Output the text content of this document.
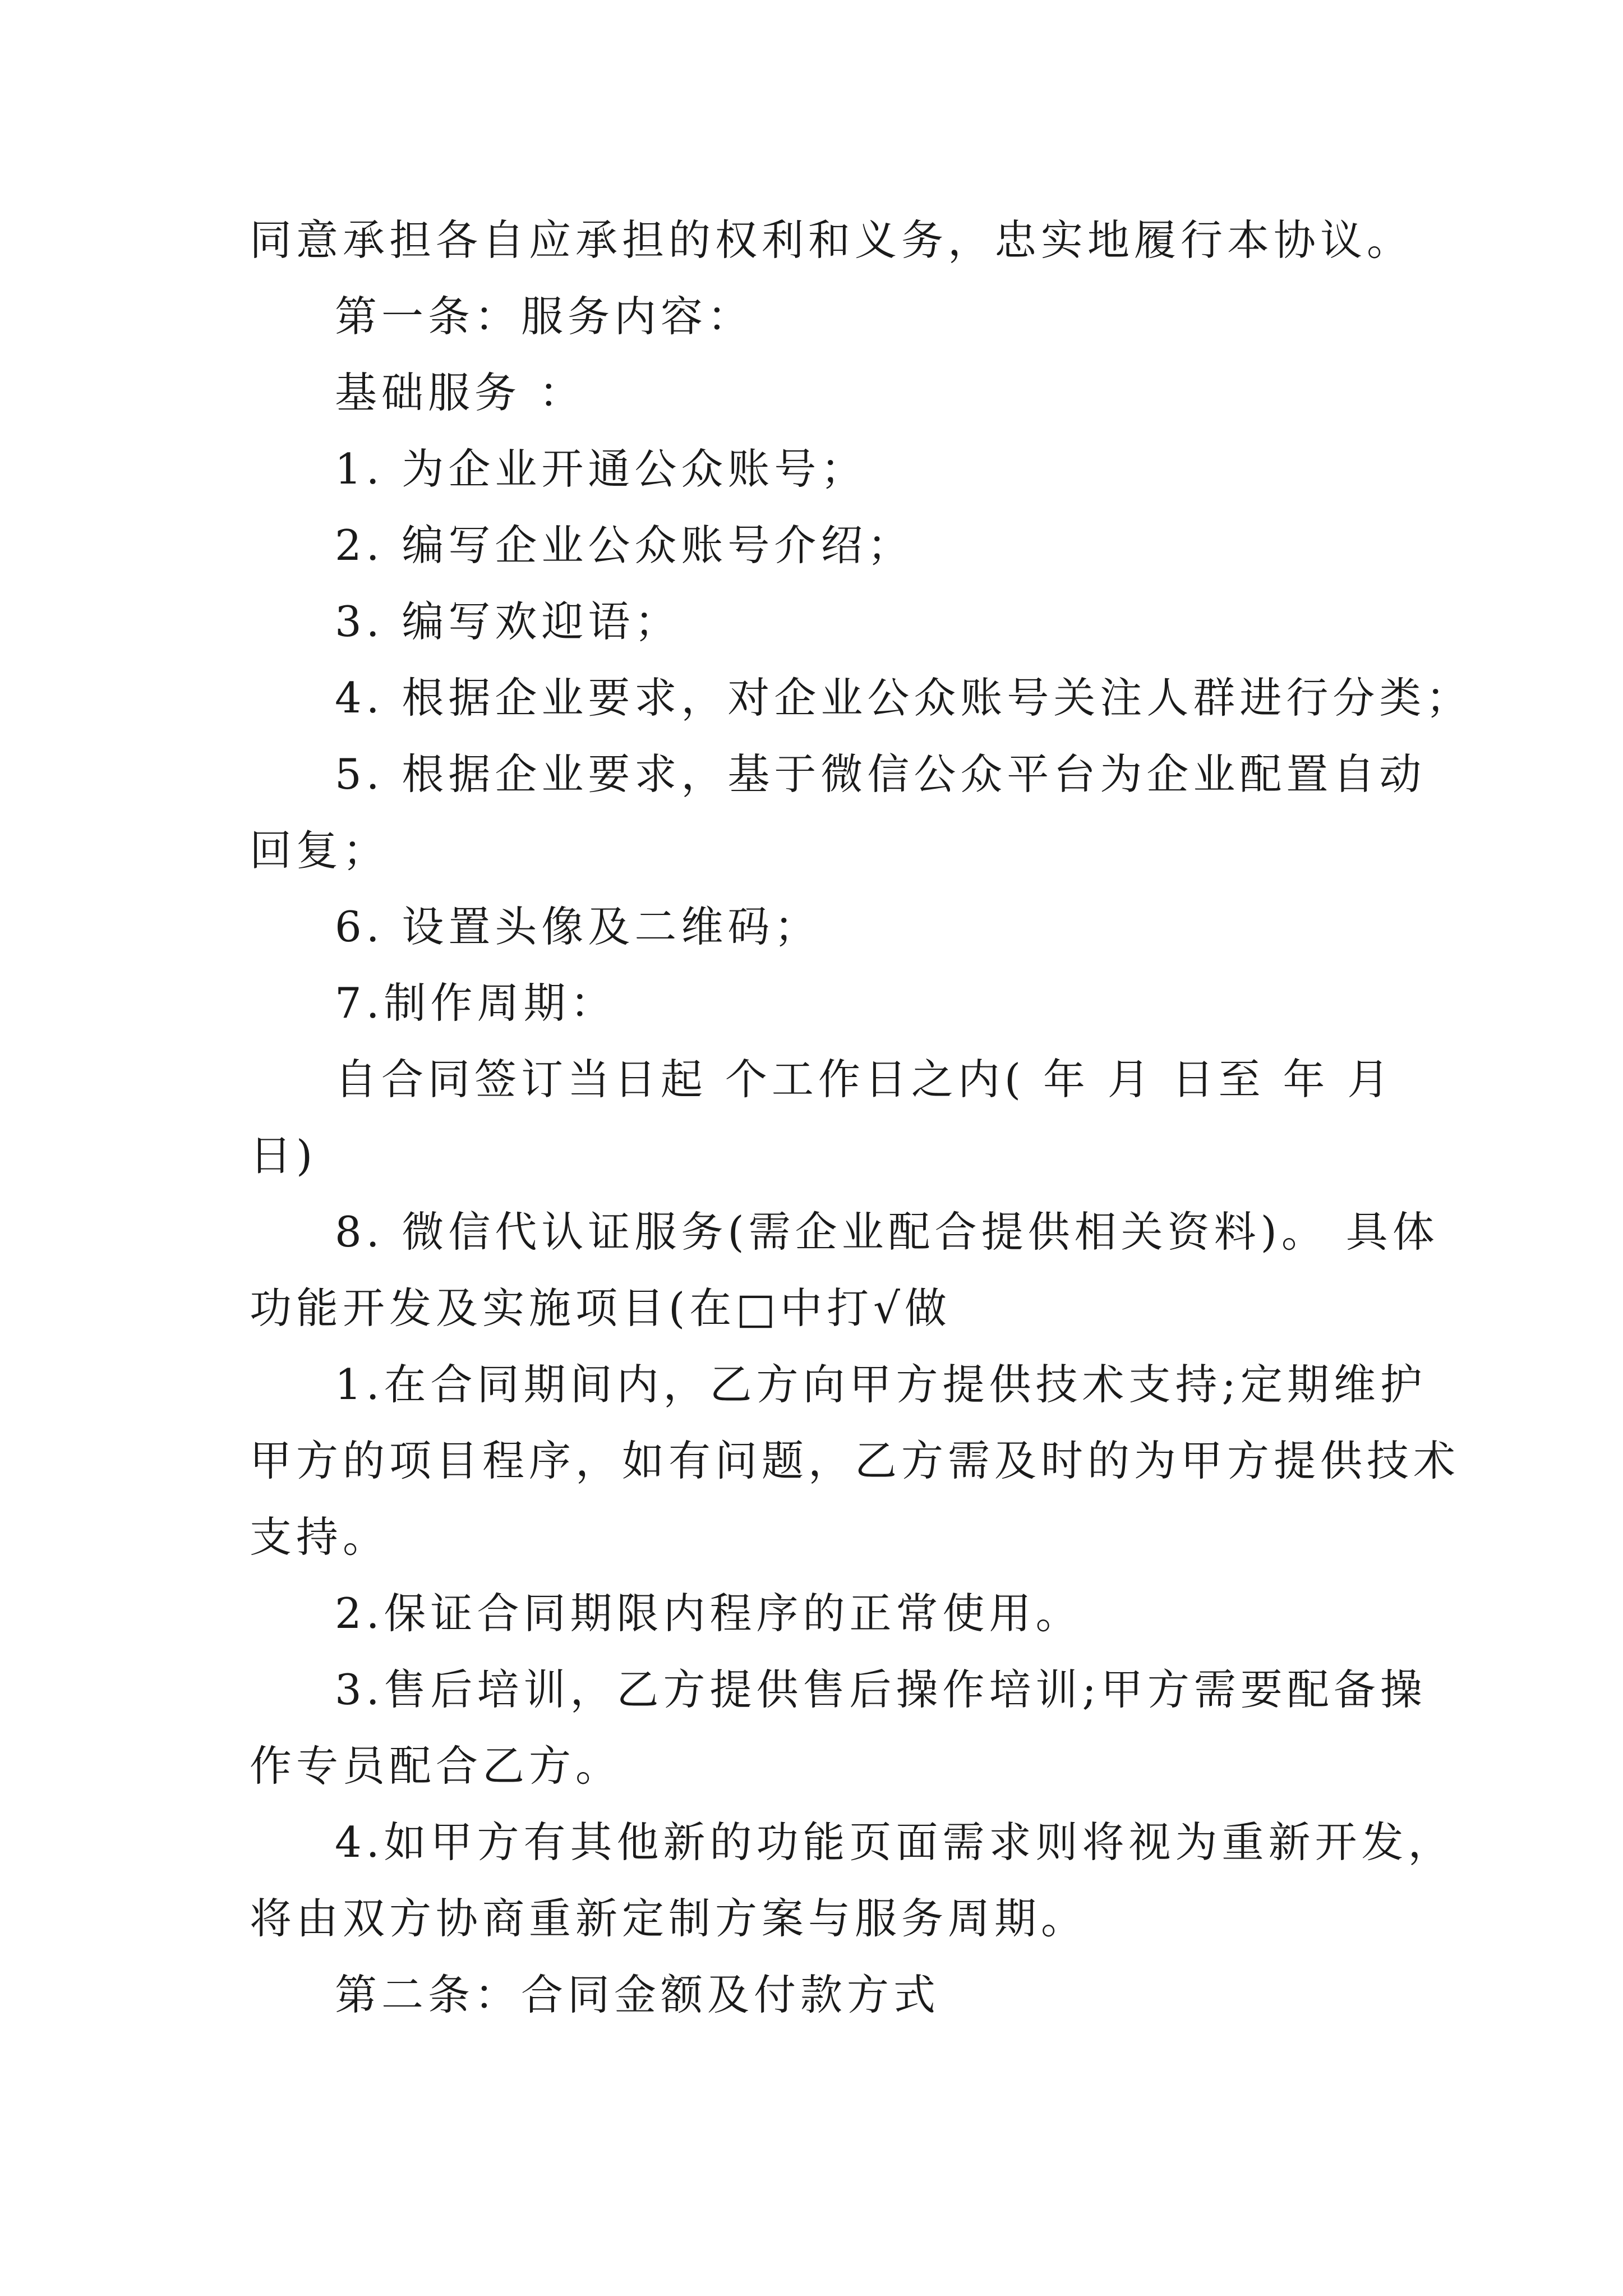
同意承担各自应承担的权利和义务，忠实地履行本协议。

第一条：服务内容：

基础服务 ：

1. 为企业开通公众账号；

2. 编写企业公众账号介绍；

3. 编写欢迎语；

4. 根据企业要求，对企业公众账号关注人群进行分类；

5. 根据企业要求，基于微信公众平台为企业配置自动

回复；

6. 设置头像及二维码；

7.制作周期：

自合同签订当日起 个工作日之内( 年 月 日至 年 月

日)

8. 微信代认证服务(需企业配合提供相关资料)。 具体

功能开发及实施项目(在□中打√做

1.在合同期间内，乙方向甲方提供技术支持;定期维护

甲方的项目程序，如有问题，乙方需及时的为甲方提供技术

支持。

2.保证合同期限内程序的正常使用。

3.售后培训，乙方提供售后操作培训;甲方需要配备操

作专员配合乙方。

4.如甲方有其他新的功能页面需求则将视为重新开发，

将由双方协商重新定制方案与服务周期。

第二条：合同金额及付款方式
